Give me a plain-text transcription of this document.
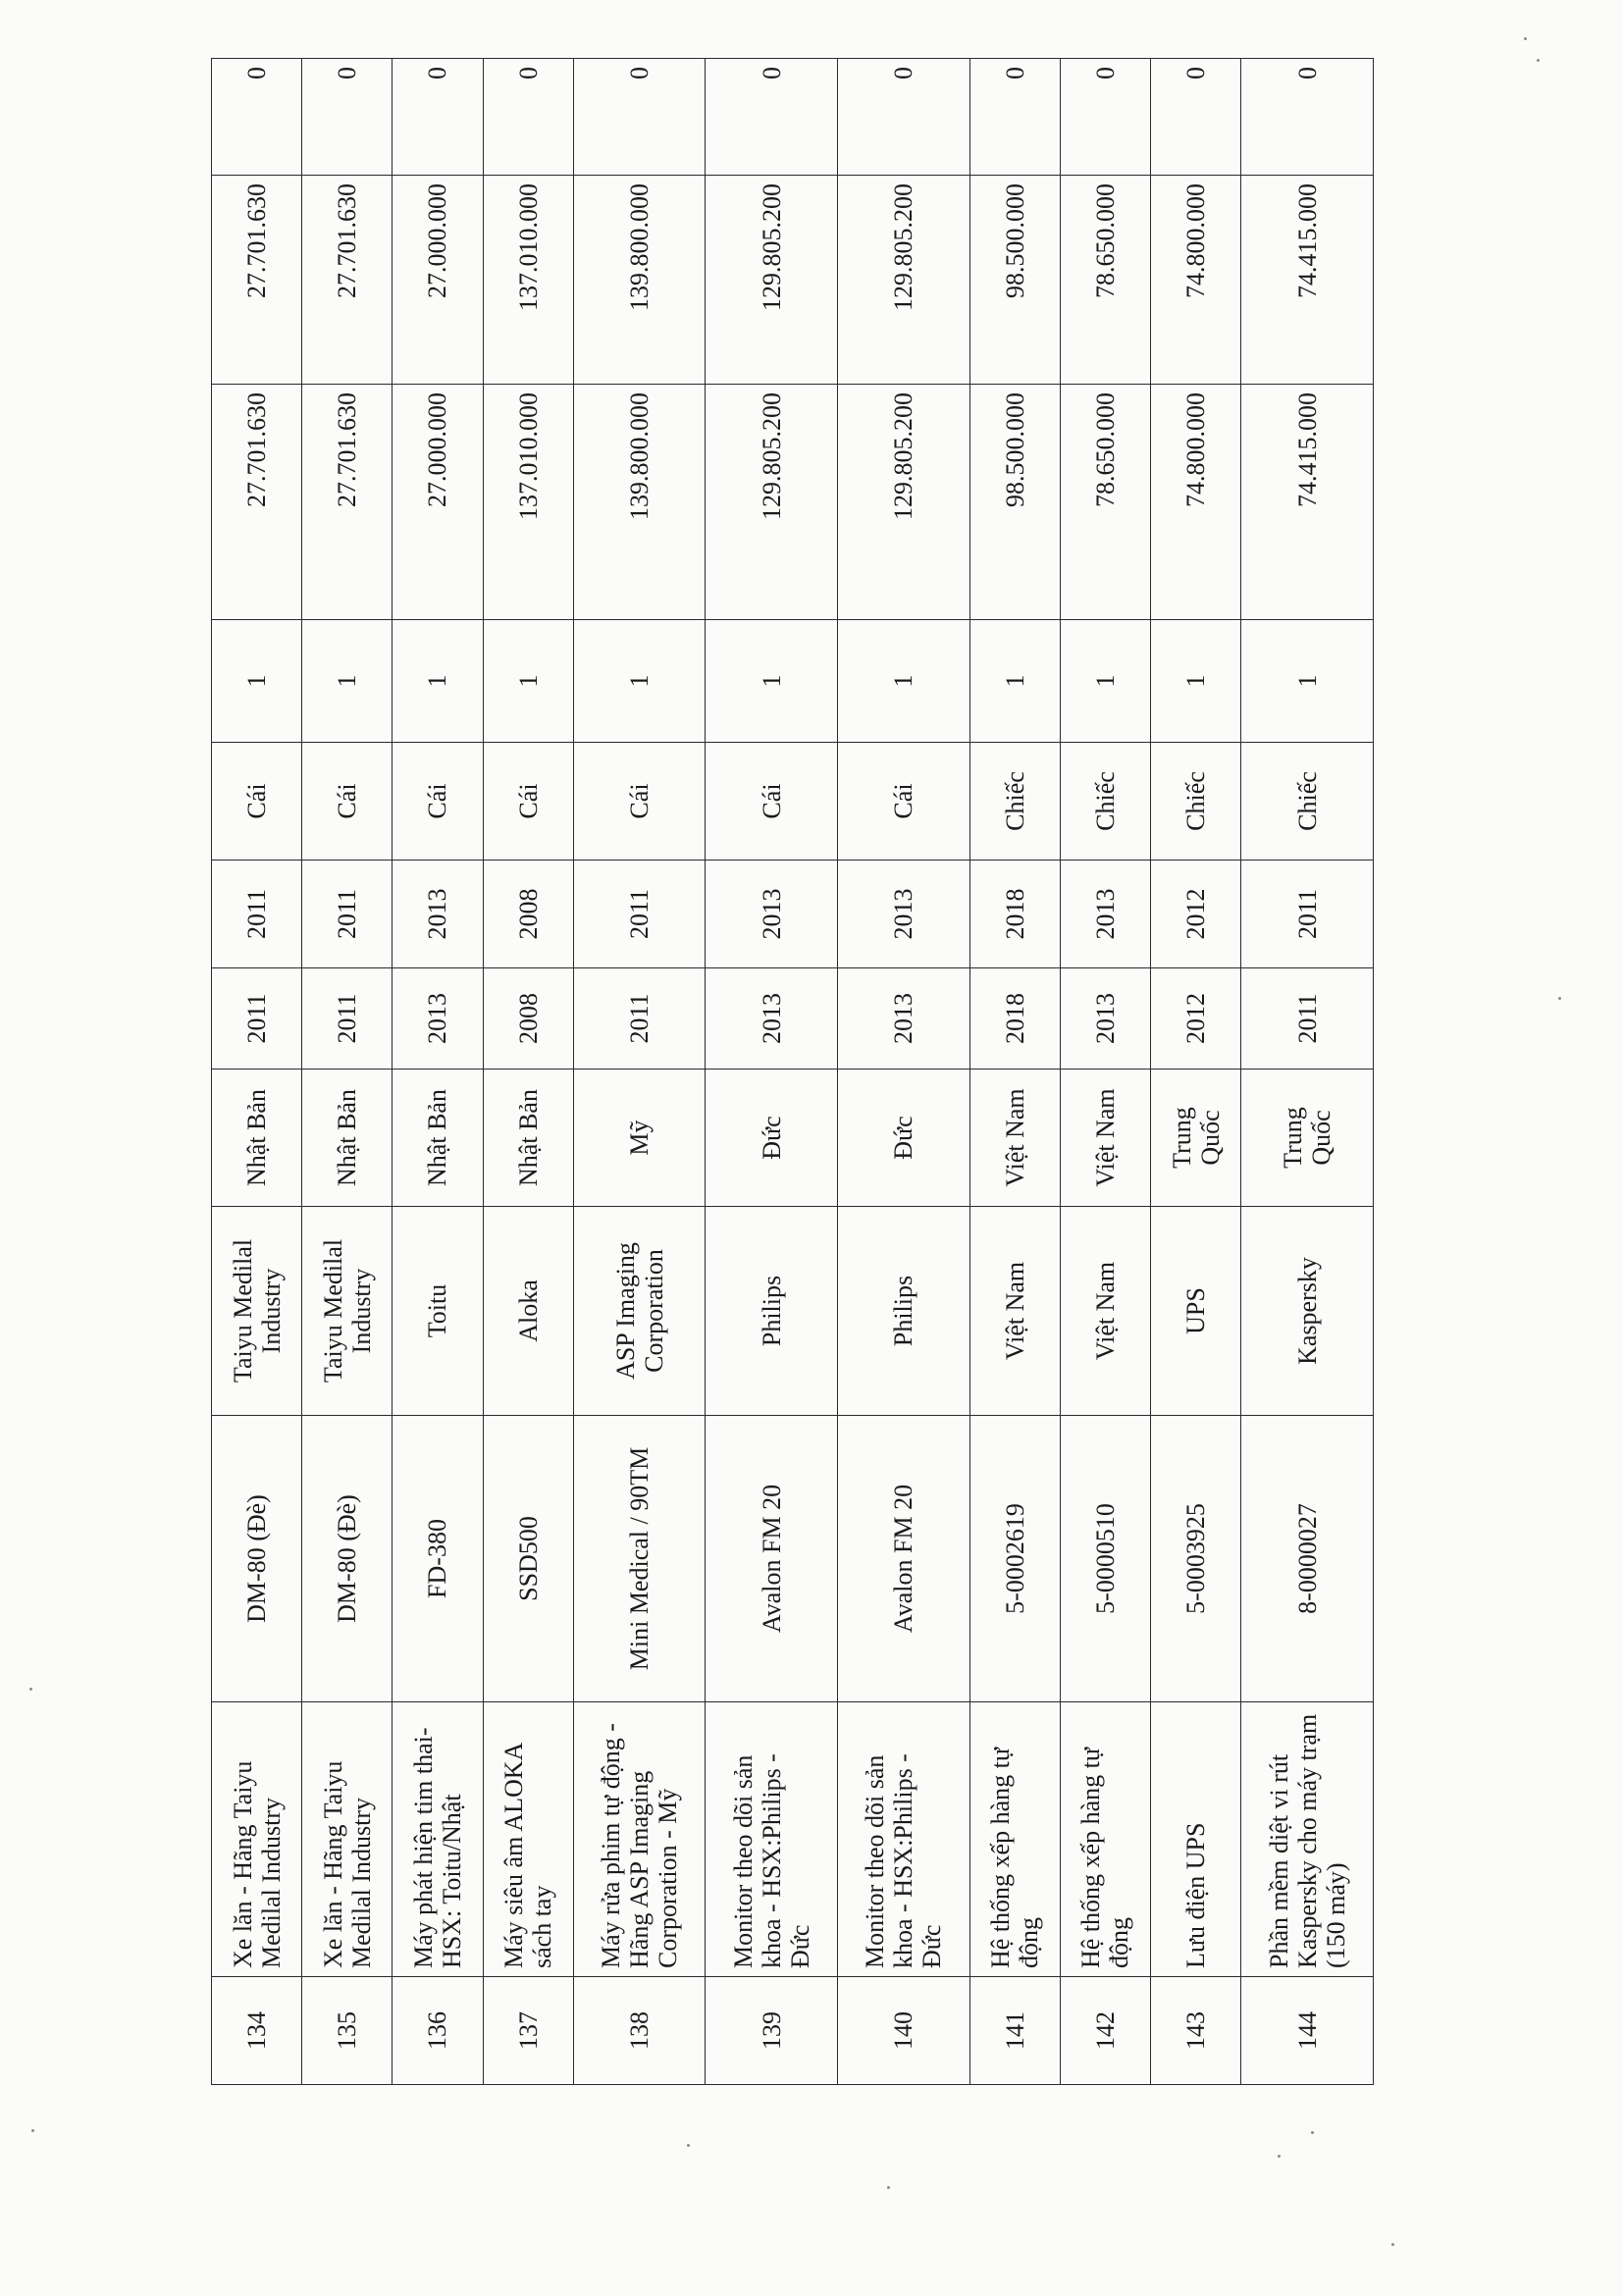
134	Xe lăn - Hãng Taiyu Medilal Industry	DM-80 (Đè)	Taiyu Medilal Industry	Nhật Bản	2011	2011	Cái	1	27.701.630	27.701.630	0
135	Xe lăn - Hãng Taiyu Medilal Industry	DM-80 (Đè)	Taiyu Medilal Industry	Nhật Bản	2011	2011	Cái	1	27.701.630	27.701.630	0
136	Máy phát hiện tim thai-HSX: Toitu/Nhật	FD-380	Toitu	Nhật Bản	2013	2013	Cái	1	27.000.000	27.000.000	0
137	Máy siêu âm ALOKA sách tay	SSD500	Aloka	Nhật Bản	2008	2008	Cái	1	137.010.000	137.010.000	0
138	Máy rửa phim tự động - Hãng ASP Imaging Corporation - Mỹ	Mini Medical / 90TM	ASP Imaging Corporation	Mỹ	2011	2011	Cái	1	139.800.000	139.800.000	0
139	Monitor theo dõi sản khoa - HSX:Philips - Đức	Avalon FM 20	Philips	Đức	2013	2013	Cái	1	129.805.200	129.805.200	0
140	Monitor theo dõi sản khoa - HSX:Philips - Đức	Avalon FM 20	Philips	Đức	2013	2013	Cái	1	129.805.200	129.805.200	0
141	Hệ thống xếp hàng tự động	5-0002619	Việt Nam	Việt Nam	2018	2018	Chiếc	1	98.500.000	98.500.000	0
142	Hệ thống xếp hàng tự động	5-0000510	Việt Nam	Việt Nam	2013	2013	Chiếc	1	78.650.000	78.650.000	0
143	Lưu điện UPS	5-0003925	UPS	Trung Quốc	2012	2012	Chiếc	1	74.800.000	74.800.000	0
144	Phần mềm diệt vi rút Kaspersky cho máy trạm (150 máy)	8-0000027	Kaspersky	Trung Quốc	2011	2011	Chiếc	1	74.415.000	74.415.000	0
